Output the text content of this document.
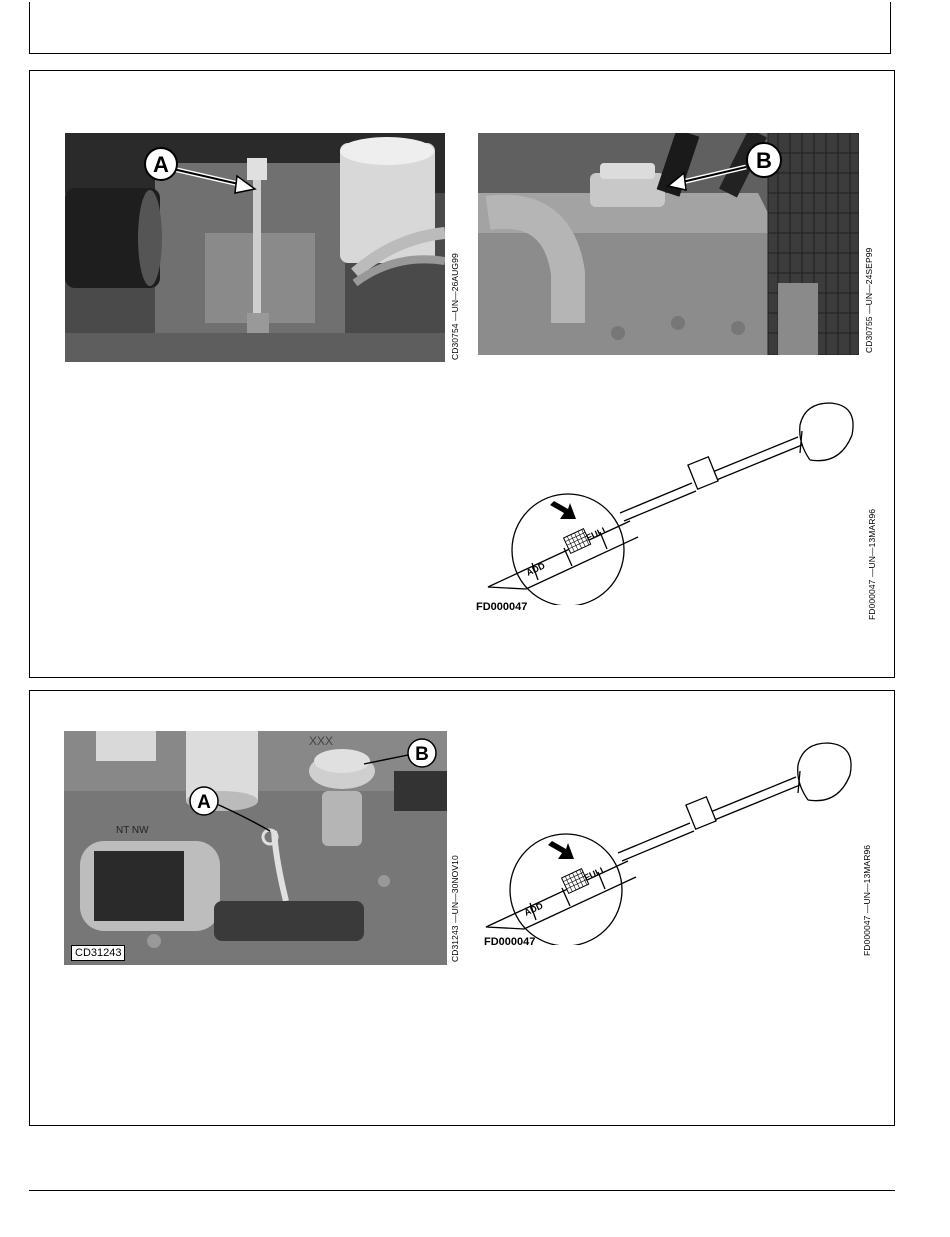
A
CD30754 —UN—26AUG99
B
CD30755 —UN—24SEP99
FULL
ADD
FD000047	FD000047 —UN—13MAR96
XXX
NT NW
A
B
CD31243	CD31243 —UN—30NOV10	FULL
ADD
FD000047	FD000047 —UN—13MAR96
